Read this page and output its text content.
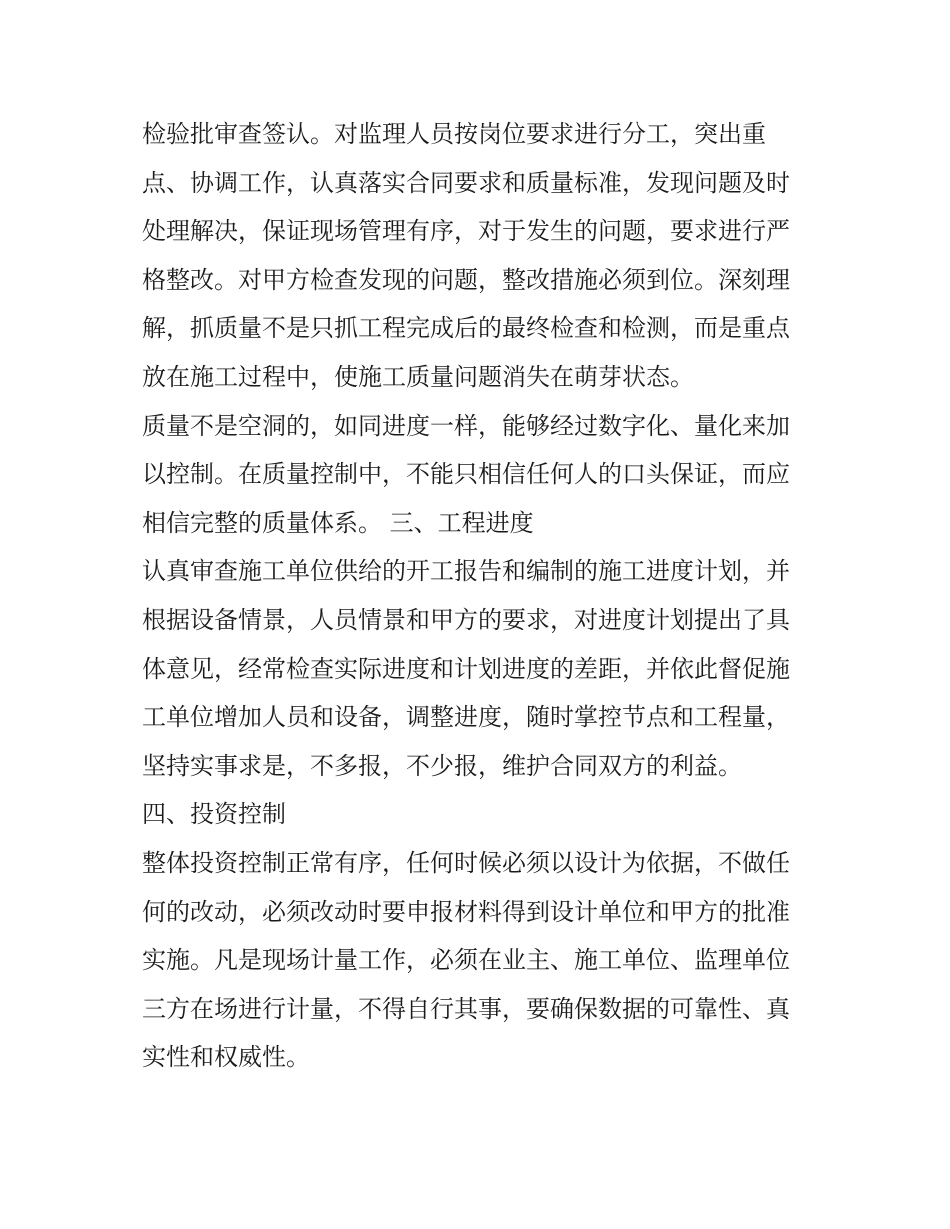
检验批审查签认。对监理人员按岗位要求进行分工，突出重
点、协调工作，认真落实合同要求和质量标准，发现问题及时
处理解决，保证现场管理有序，对于发生的问题，要求进行严
格整改。对甲方检查发现的问题，整改措施必须到位。深刻理
解，抓质量不是只抓工程完成后的最终检查和检测，而是重点
放在施工过程中，使施工质量问题消失在萌芽状态。
质量不是空洞的，如同进度一样，能够经过数字化、量化来加
以控制。在质量控制中，不能只相信任何人的口头保证，而应
相信完整的质量体系。 三、工程进度
认真审查施工单位供给的开工报告和编制的施工进度计划，并
根据设备情景，人员情景和甲方的要求，对进度计划提出了具
体意见，经常检查实际进度和计划进度的差距，并依此督促施
工单位增加人员和设备，调整进度，随时掌控节点和工程量，
坚持实事求是，不多报，不少报，维护合同双方的利益。
四、投资控制
整体投资控制正常有序，任何时候必须以设计为依据，不做任
何的改动，必须改动时要申报材料得到设计单位和甲方的批准
实施。凡是现场计量工作，必须在业主、施工单位、监理单位
三方在场进行计量，不得自行其事，要确保数据的可靠性、真
实性和权威性。
